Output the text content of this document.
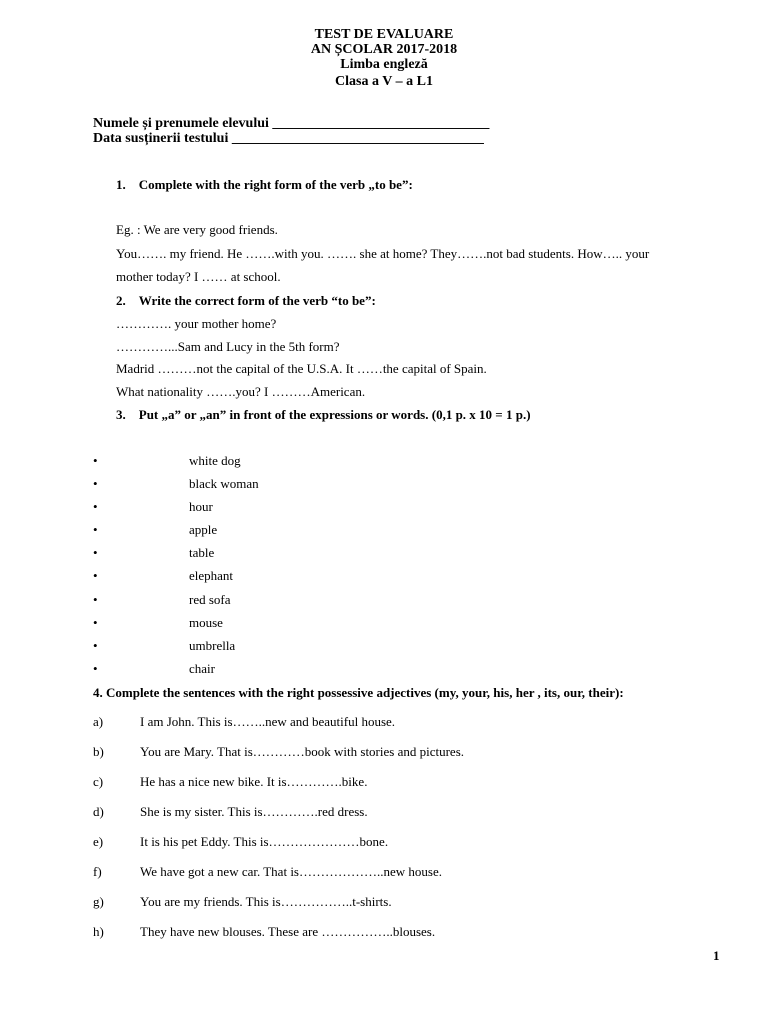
TEST DE EVALUARE
AN ȘCOLAR 2017-2018
Limba engleză
Clasa a V – a L1
Numele și prenumele elevului _______________________________
Data susținerii testului ____________________________________
1.    Complete with the right form of the verb „to be”:
Eg. : We are very good friends.
You……. my friend. He …….with you. ……. she at home? They…….not bad students. How….. your
mother today? I …… at school.
2.    Write the correct form of the verb “to be”:
…………. your mother home?
…………...Sam and Lucy in the 5th form?
Madrid ………not the capital of the U.S.A. It ……the capital of Spain.
What nationality …….you? I ………American.
3.    Put „a” or „an” in front of the expressions or words. (0,1 p. x 10 = 1 p.)
•	white dog
•	black woman
•	hour
•	apple
•	table
•	elephant
•	red sofa
•	mouse
•	umbrella
•	chair
4. Complete the sentences with the right possessive adjectives (my, your, his, her , its, our, their):
a)	I am John. This is……..new and beautiful house.
b)	You are Mary. That is…………book with stories and pictures.
c)	He has a nice new bike. It is………….bike.
d)	She is my sister. This is………….red dress.
e)	It is his pet Eddy. This is…………………bone.
f)	We have got a new car. That is………………..new house.
g)	You are my friends. This is……………..t-shirts.
h)	They have new blouses. These are ……………..blouses.
1
